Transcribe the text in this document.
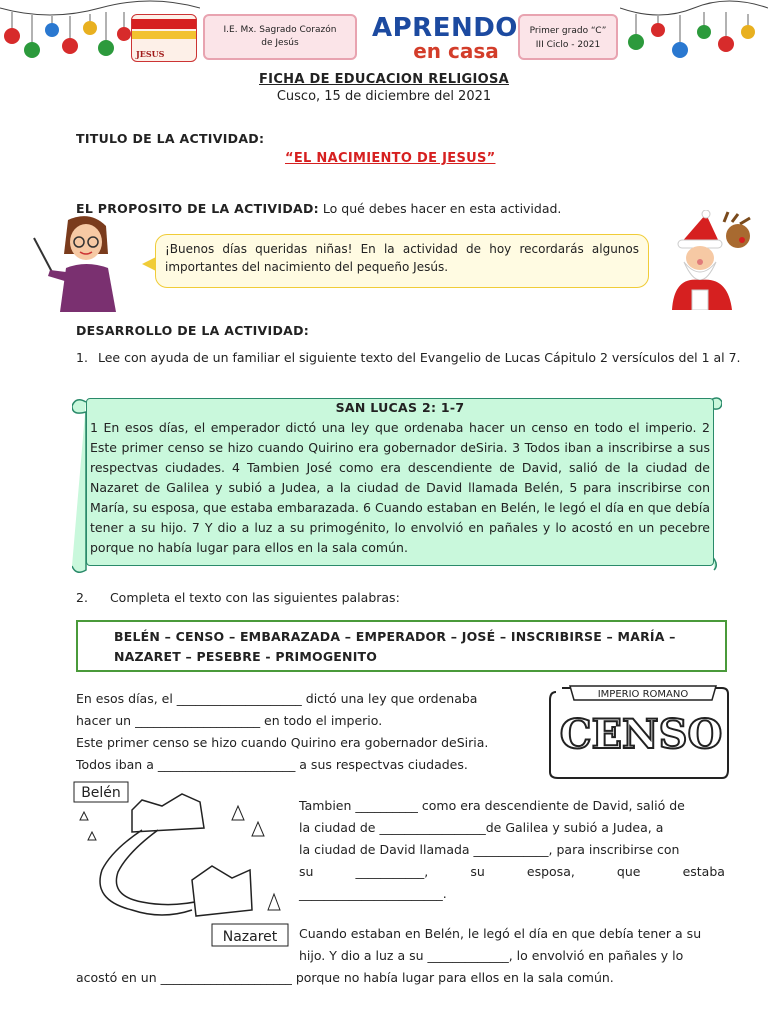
JESUS
I.E. Mx. Sagrado Corazón
de Jesús	APRENDO
en casa
Primer grado “C”
III Ciclo - 2021
FICHA DE EDUCACION RELIGIOSA
Cusco, 15 de diciembre del 2021
TITULO DE LA ACTIVIDAD:
“EL NACIMIENTO DE JESUS”
EL PROPOSITO DE LA ACTIVIDAD: Lo qué debes hacer en esta actividad.
¡Buenos días queridas niñas! En la actividad de hoy recordarás algunos importantes del nacimiento del pequeño Jesús.
DESARROLLO DE LA ACTIVIDAD:
1. Lee con ayuda de un familiar el siguiente texto del Evangelio de Lucas Cápitulo 2 versículos del 1 al 7.
SAN LUCAS 2: 1-7
1 En esos días, el emperador dictó una ley que ordenaba hacer un censo en todo el imperio. 2 Este primer censo se hizo cuando Quirino era gobernador deSiria. 3 Todos iban a inscribirse a sus respectvas ciudades. 4 Tambien José como era descendiente de David, salió de la ciudad de Nazaret de Galilea y subió a Judea, a la ciudad de David llamada Belén, 5 para inscribirse con María, su esposa, que estaba embarazada. 6 Cuando estaban en Belén, le legó el día en que debía tener a su hijo. 7 Y dio a luz a su primogénito, lo envolvió en pañales y lo acostó en un pecebre porque no había lugar para ellos en la sala común.
2. Completa el texto con las siguientes palabras:
BELÉN – CENSO – EMBARAZADA – EMPERADOR – JOSÉ – INSCRIBIRSE – MARÍA –
NAZARET – PESEBRE - PRIMOGENITO
En esos días, el ____________________ dictó una ley que ordenaba
hacer un ____________________ en todo el imperio.
Este primer censo se hizo cuando Quirino era gobernador deSiria.
Todos iban a ______________________ a sus respectvas ciudades.
IMPERIO ROMANO
CENSO
Belén
Nazaret
Tambien __________ como era descendiente de David, salió de
la ciudad de _________________de Galilea y subió a Judea, a
la ciudad de David llamada ____________, para inscribirse con
su	___________,	su	esposa,	que	estaba
_______________________.
Cuando estaban en Belén, le legó el día en que debía tener a su
hijo. Y dio a luz a su _____________, lo envolvió en pañales y lo
acostó en un _____________________ porque no había lugar para ellos en la sala común.
